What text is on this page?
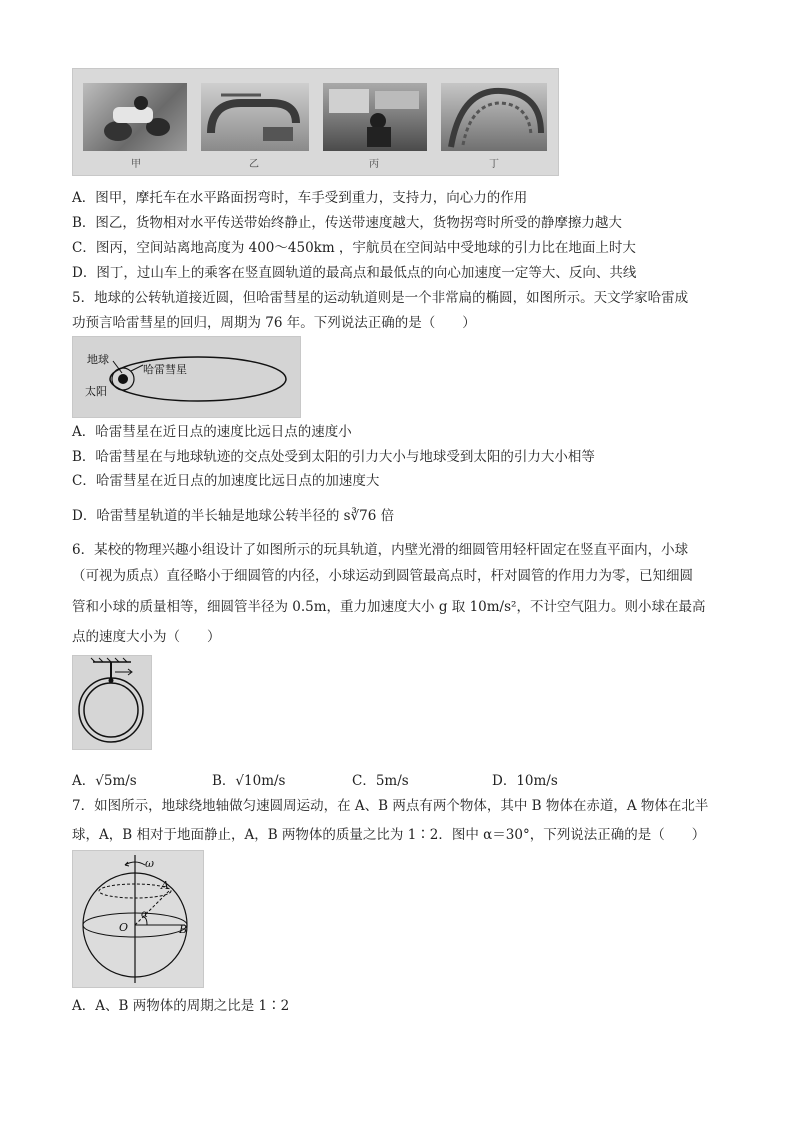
甲	乙	丙	丁
A．图甲，摩托车在水平路面拐弯时，车手受到重力，支持力，向心力的作用
B．图乙，货物相对水平传送带始终静止，传送带速度越大，货物拐弯时所受的静摩擦力越大
C．图丙，空间站离地高度为 400～450km ，宇航员在空间站中受地球的引力比在地面上时大
D．图丁，过山车上的乘客在竖直圆轨道的最高点和最低点的向心加速度一定等大、反向、共线
5．地球的公转轨道接近圆，但哈雷彗星的运动轨道则是一个非常扁的椭圆，如图所示。天文学家哈雷成
功预言哈雷彗星的回归，周期为 76 年。下列说法正确的是（　　）
地球
哈雷彗星
太阳
A．哈雷彗星在近日点的速度比远日点的速度小
B．哈雷彗星在与地球轨迹的交点处受到太阳的引力大小与地球受到太阳的引力大小相等
C．哈雷彗星在近日点的加速度比远日点的加速度大
D．哈雷彗星轨道的半长轴是地球公转半径的 s∛76 倍
6．某校的物理兴趣小组设计了如图所示的玩具轨道，内壁光滑的细圆管用轻杆固定在竖直平面内，小球
（可视为质点）直径略小于细圆管的内径，小球运动到圆管最高点时，杆对圆管的作用力为零，已知细圆
管和小球的质量相等，细圆管半径为 0.5m，重力加速度大小 g 取 10m/s²，不计空气阻力。则小球在最高
点的速度大小为（　　）
A．√5m/s	B．√10m/s	C．5m/s	D．10m/s
7．如图所示，地球绕地轴做匀速圆周运动，在 A、B 两点有两个物体，其中 B 物体在赤道，A 物体在北半
球，A，B 相对于地面静止，A，B 两物体的质量之比为 1∶2．图中 α＝30°，下列说法正确的是（　　）
ω
A
B
O
α
A．A、B 两物体的周期之比是 1∶2
